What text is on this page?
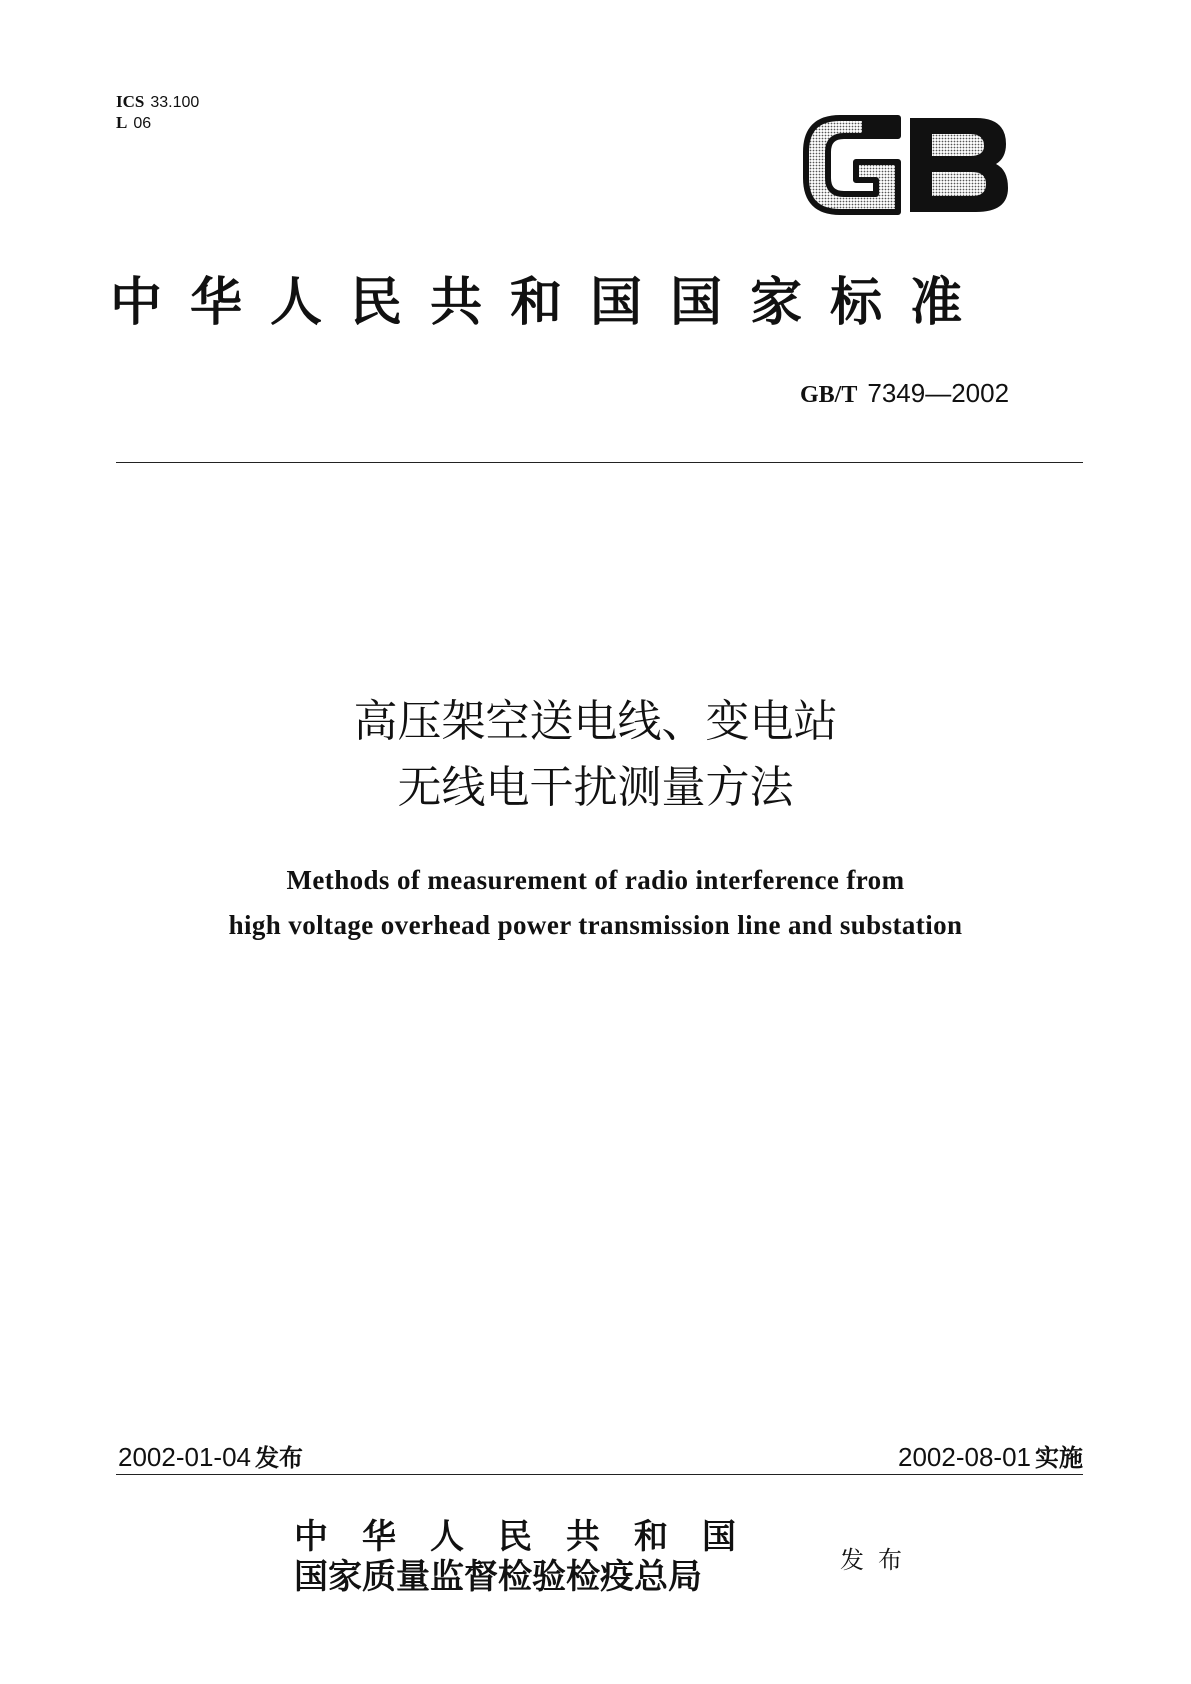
ICS 33.100
L 06
中 华 人 民 共 和 国 国 家 标 准
GB/T 7349—2002
高压架空送电线、变电站
无线电干扰测量方法
Methods of measurement of radio interference from
high voltage overhead power transmission line and substation
2002-01-04 发布	2002-08-01 实施
中华人民共和国
国家质量监督检验检疫总局	发布
